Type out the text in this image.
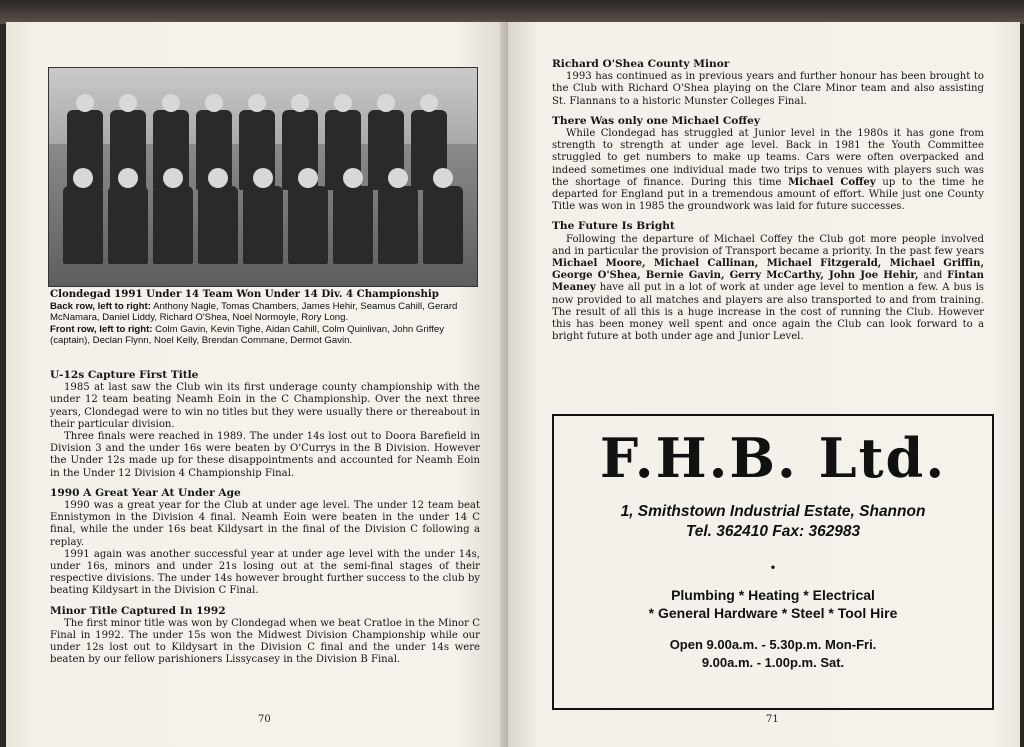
Clondegad 1991 Under 14 Team Won Under 14 Div. 4 Championship
Back row, left to right: Anthony Nagle, Tomas Chambers, James Hehir, Seamus Cahill, Gerard McNamara, Daniel Liddy, Richard O'Shea, Noel Normoyle, Rory Long.
Front row, left to right: Colm Gavin, Kevin Tighe, Aidan Cahill, Colm Quinlivan, John Griffey (captain), Declan Flynn, Noel Kelly, Brendan Commane, Dermot Gavin.
U-12s Capture First Title

1985 at last saw the Club win its first underage county championship with the under 12 team beating Neamh Eoin in the C Championship. Over the next three years, Clondegad were to win no titles but they were usually there or thereabout in their particular division.

Three finals were reached in 1989. The under 14s lost out to Doora Barefield in Division 3 and the under 16s were beaten by O'Currys in the B Division. However the Under 12s made up for these disappointments and accounted for Neamh Eoin in the Under 12 Division 4 Championship Final.

1990 A Great Year At Under Age

1990 was a great year for the Club at under age level. The under 12 team beat Ennistymon in the Division 4 final. Neamh Eoin were beaten in the under 14 C final, while the under 16s beat Kildysart in the final of the Division C following a replay.

1991 again was another successful year at under age level with the under 14s, under 16s, minors and under 21s losing out at the semi-final stages of their respective divisions. The under 14s however brought further success to the club by beating Kildysart in the Division C Final.

Minor Title Captured In 1992

The first minor title was won by Clondegad when we beat Cratloe in the Minor C Final in 1992. The under 15s won the Midwest Division Championship while our under 12s lost out to Kildysart in the Division C final and the under 14s were beaten by our fellow parishioners Lissycasey in the Division B Final.

70
Richard O'Shea County Minor

1993 has continued as in previous years and further honour has been brought to the Club with Richard O'Shea playing on the Clare Minor team and also assisting St. Flannans to a historic Munster Colleges Final.

There Was only one Michael Coffey

While Clondegad has struggled at Junior level in the 1980s it has gone from strength to strength at under age level. Back in 1981 the Youth Committee struggled to get numbers to make up teams. Cars were often overpacked and indeed sometimes one individual made two trips to venues with players such was the shortage of finance. During this time Michael Coffey up to the time he departed for England put in a tremendous amount of effort. While just one County Title was won in 1985 the groundwork was laid for future successes.

The Future Is Bright

Following the departure of Michael Coffey the Club got more people involved and in particular the provision of Transport became a priority. In the past few years Michael Moore, Michael Callinan, Michael Fitzgerald, Michael Griffin, George O'Shea, Bernie Gavin, Gerry McCarthy, John Joe Hehir, and Fintan Meaney have all put in a lot of work at under age level to mention a few. A bus is now provided to all matches and players are also transported to and from training. The result of all this is a huge increase in the cost of running the Club. However this has been money well spent and once again the Club can look forward to a bright future at both under age and Junior Level.

F.H.B. Ltd.
1, Smithstown Industrial Estate, Shannon
Tel. 362410 Fax: 362983
•
Plumbing * Heating * Electrical
* General Hardware * Steel * Tool Hire
Open 9.00a.m. - 5.30p.m. Mon-Fri.
9.00a.m. - 1.00p.m. Sat.
71
